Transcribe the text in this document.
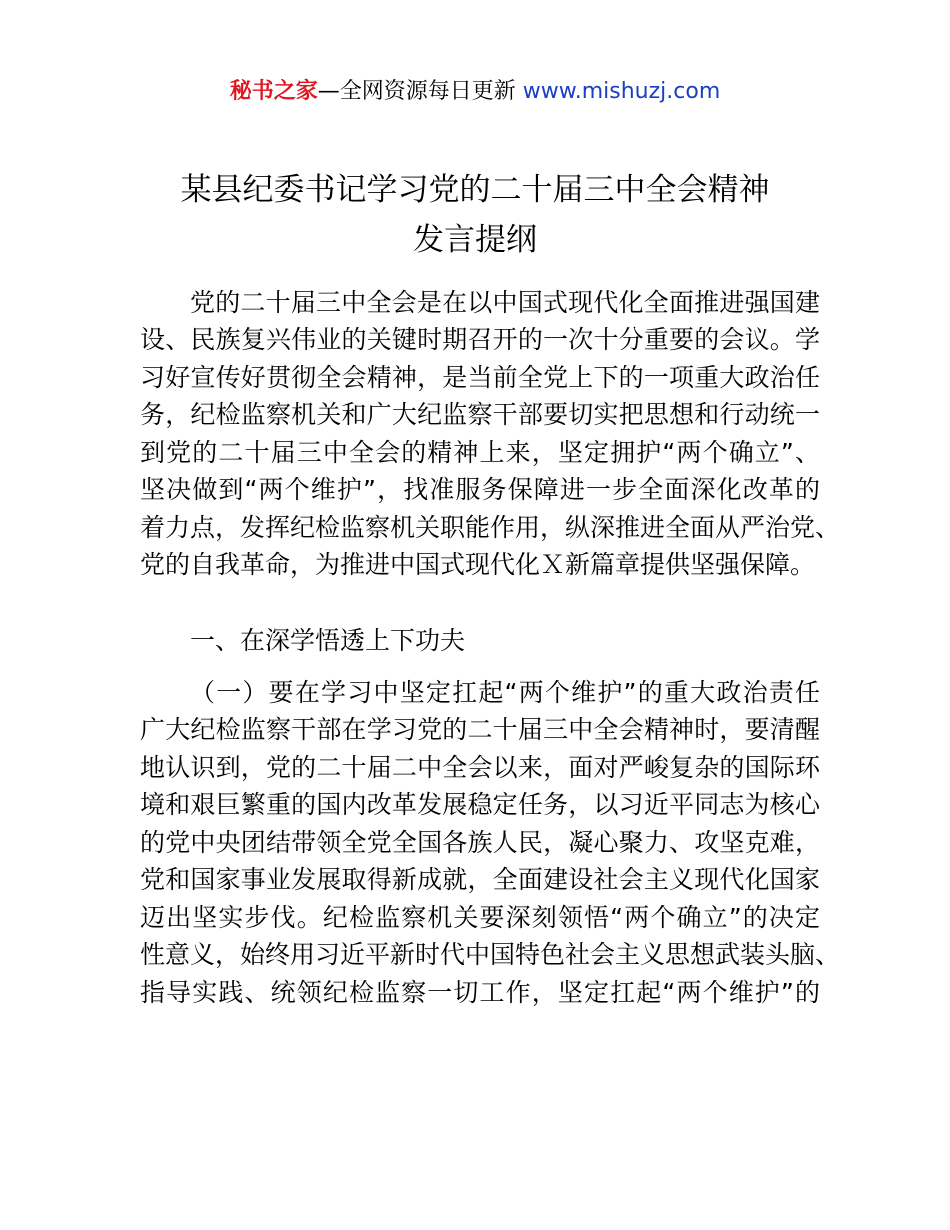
秘书之家—全网资源每日更新 www.mishuzj.com
某县纪委书记学习党的二十届三中全会精神
发言提纲
党的二十届三中全会是在以中国式现代化全面推进强国建
设、民族复兴伟业的关键时期召开的一次十分重要的会议。学
习好宣传好贯彻全会精神，是当前全党上下的一项重大政治任
务，纪检监察机关和广大纪监察干部要切实把思想和行动统一
到党的二十届三中全会的精神上来，坚定拥护“两个确立”、
坚决做到“两个维护”，找准服务保障进一步全面深化改革的
着力点，发挥纪检监察机关职能作用，纵深推进全面从严治党、
党的自我革命，为推进中国式现代化Ｘ新篇章提供坚强保障。
一、在深学悟透上下功夫
（一）要在学习中坚定扛起“两个维护”的重大政治责任
广大纪检监察干部在学习党的二十届三中全会精神时，要清醒
地认识到，党的二十届二中全会以来，面对严峻复杂的国际环
境和艰巨繁重的国内改革发展稳定任务，以习近平同志为核心
的党中央团结带领全党全国各族人民，凝心聚力、攻坚克难，
党和国家事业发展取得新成就，全面建设社会主义现代化国家
迈出坚实步伐。纪检监察机关要深刻领悟“两个确立”的决定
性意义，始终用习近平新时代中国特色社会主义思想武装头脑、
指导实践、统领纪检监察一切工作，坚定扛起“两个维护”的
